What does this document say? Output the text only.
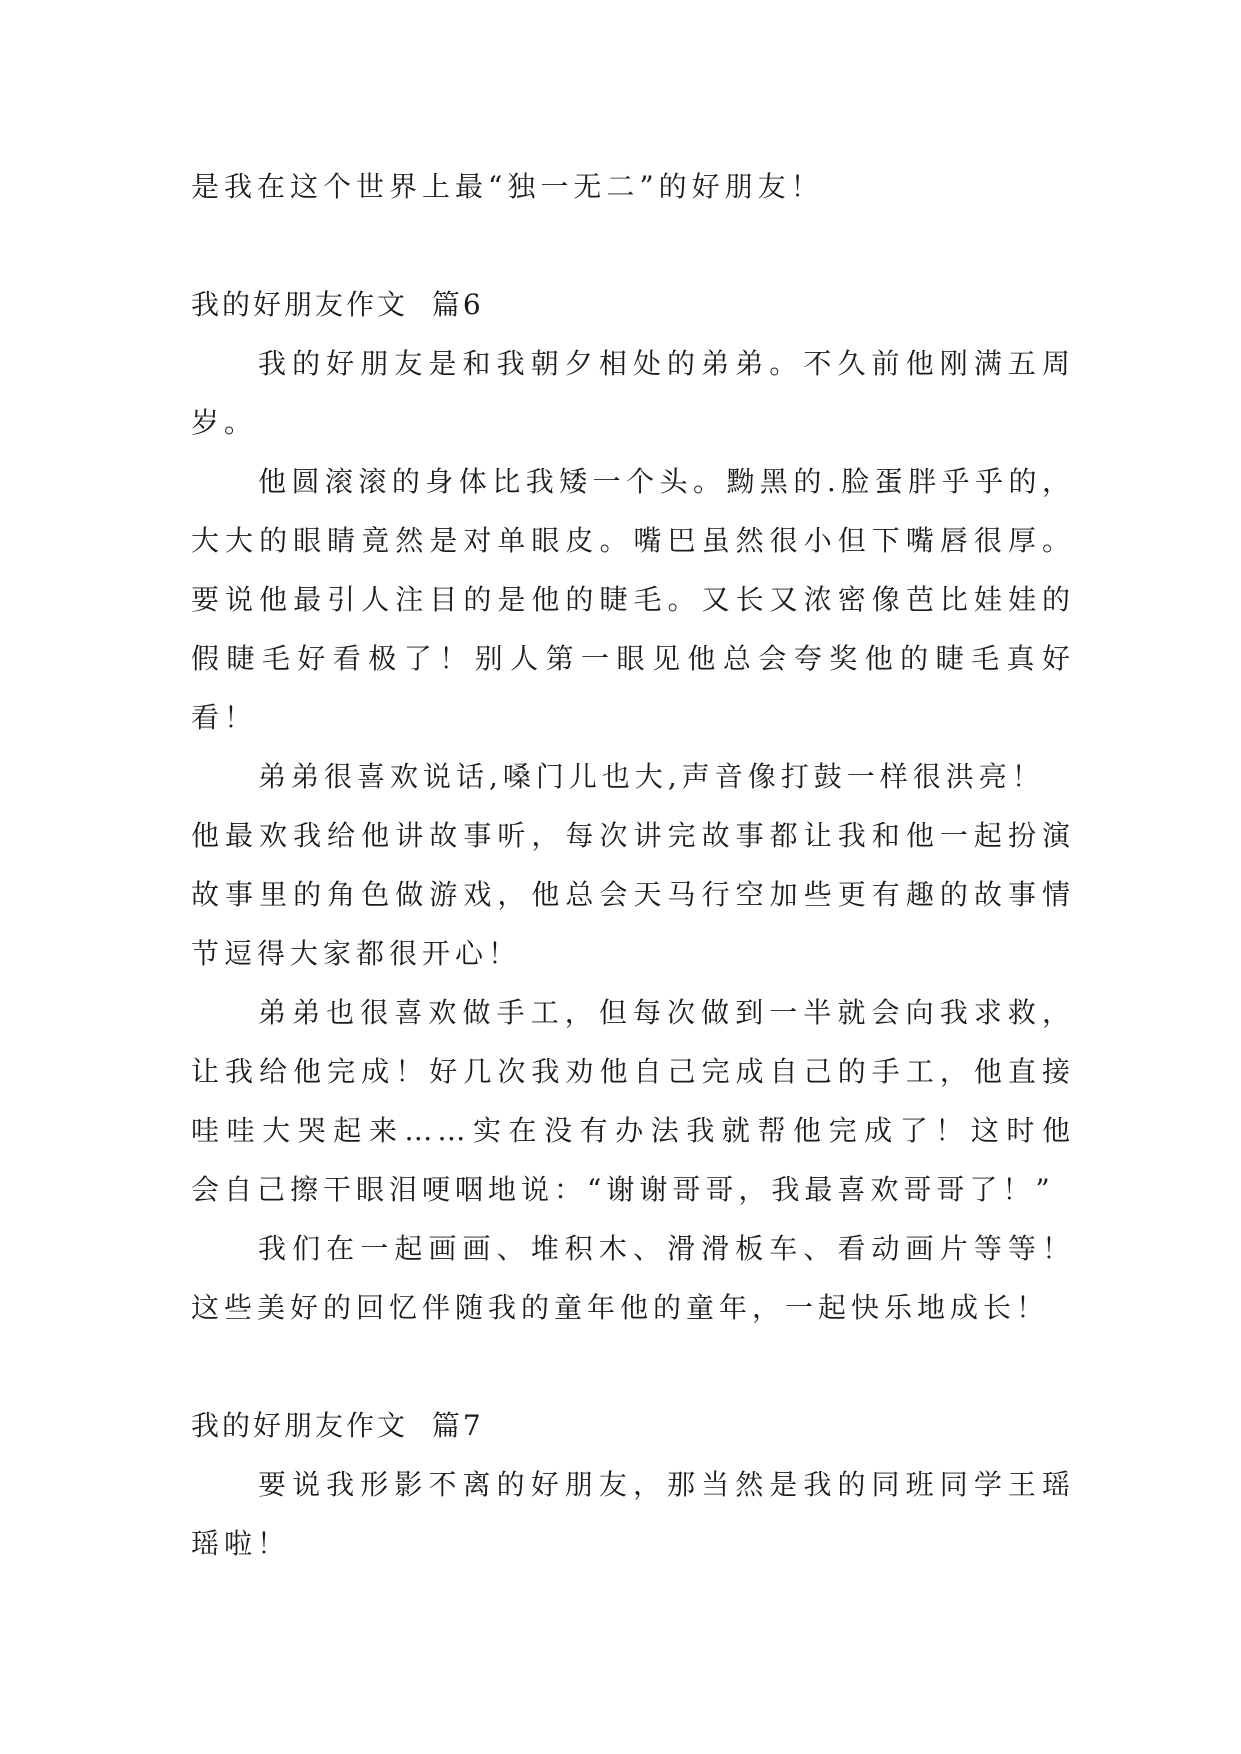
是我在这个世界上最“独一无二”的好朋友！
我的好朋友作文 篇6
我的好朋友是和我朝夕相处的弟弟。不久前他刚满五周
岁。
他圆滚滚的身体比我矮一个头。黝黑的.脸蛋胖乎乎的，
大大的眼睛竟然是对单眼皮。嘴巴虽然很小但下嘴唇很厚。
要说他最引人注目的是他的睫毛。又长又浓密像芭比娃娃的
假睫毛好看极了！别人第一眼见他总会夸奖他的睫毛真好
看！
弟弟很喜欢说话,嗓门儿也大,声音像打鼓一样很洪亮！
他最欢我给他讲故事听，每次讲完故事都让我和他一起扮演
故事里的角色做游戏，他总会天马行空加些更有趣的故事情
节逗得大家都很开心！
弟弟也很喜欢做手工，但每次做到一半就会向我求救，
让我给他完成！好几次我劝他自己完成自己的手工，他直接
哇哇大哭起来……实在没有办法我就帮他完成了！这时他
会自己擦干眼泪哽咽地说：“谢谢哥哥，我最喜欢哥哥了！”
我们在一起画画、堆积木、滑滑板车、看动画片等等！
这些美好的回忆伴随我的童年他的童年，一起快乐地成长！
我的好朋友作文 篇7
要说我形影不离的好朋友，那当然是我的同班同学王瑶
瑶啦！
